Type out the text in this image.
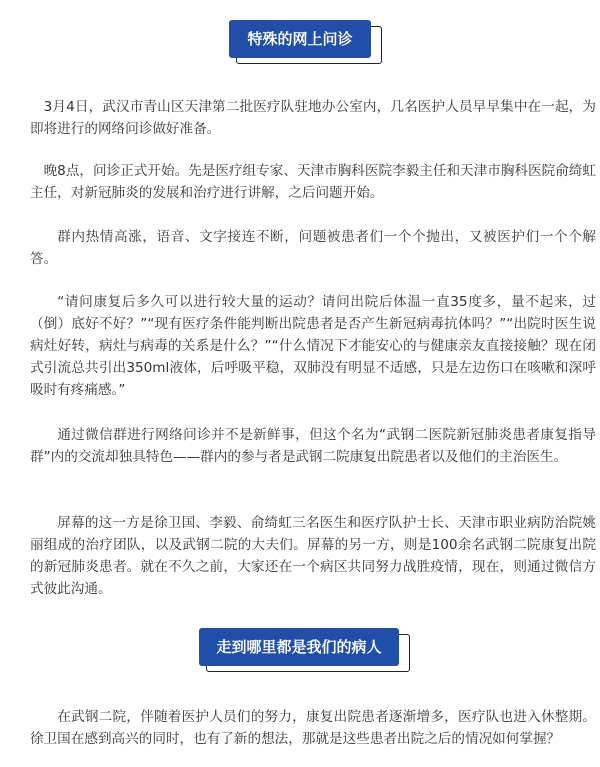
特殊的网上问诊

3月4日，武汉市青山区天津第二批医疗队驻地办公室内，几名医护人员早早集中在一起，为即将进行的网络问诊做好准备。

晚8点，问诊正式开始。先是医疗组专家、天津市胸科医院李毅主任和天津市胸科医院俞绮虹主任，对新冠肺炎的发展和治疗进行讲解，之后问题开始。

群内热情高涨，语音、文字接连不断，问题被患者们一个个抛出，又被医护们一个个解答。

“请问康复后多久可以进行较大量的运动？请问出院后体温一直35度多，量不起来，过（倒）底好不好？”“现有医疗条件能判断出院患者是否产生新冠病毒抗体吗？”“出院时医生说病灶好转，病灶与病毒的关系是什么？”“什么情况下才能安心的与健康亲友直接接触？现在闭式引流总共引出350ml液体，后呼吸平稳，双肺没有明显不适感，只是左边伤口在咳嗽和深呼吸时有疼痛感。”

通过微信群进行网络问诊并不是新鲜事，但这个名为“武钢二医院新冠肺炎患者康复指导群”内的交流却独具特色——群内的参与者是武钢二院康复出院患者以及他们的主治医生。

屏幕的这一方是徐卫国、李毅、俞绮虹三名医生和医疗队护士长、天津市职业病防治院姚丽组成的治疗团队，以及武钢二院的大夫们。屏幕的另一方，则是100余名武钢二院康复出院的新冠肺炎患者。就在不久之前，大家还在一个病区共同努力战胜疫情，现在，则通过微信方式彼此沟通。

走到哪里都是我们的病人

在武钢二院，伴随着医护人员们的努力，康复出院患者逐渐增多，医疗队也进入休整期。徐卫国在感到高兴的同时，也有了新的想法，那就是这些患者出院之后的情况如何掌握？
